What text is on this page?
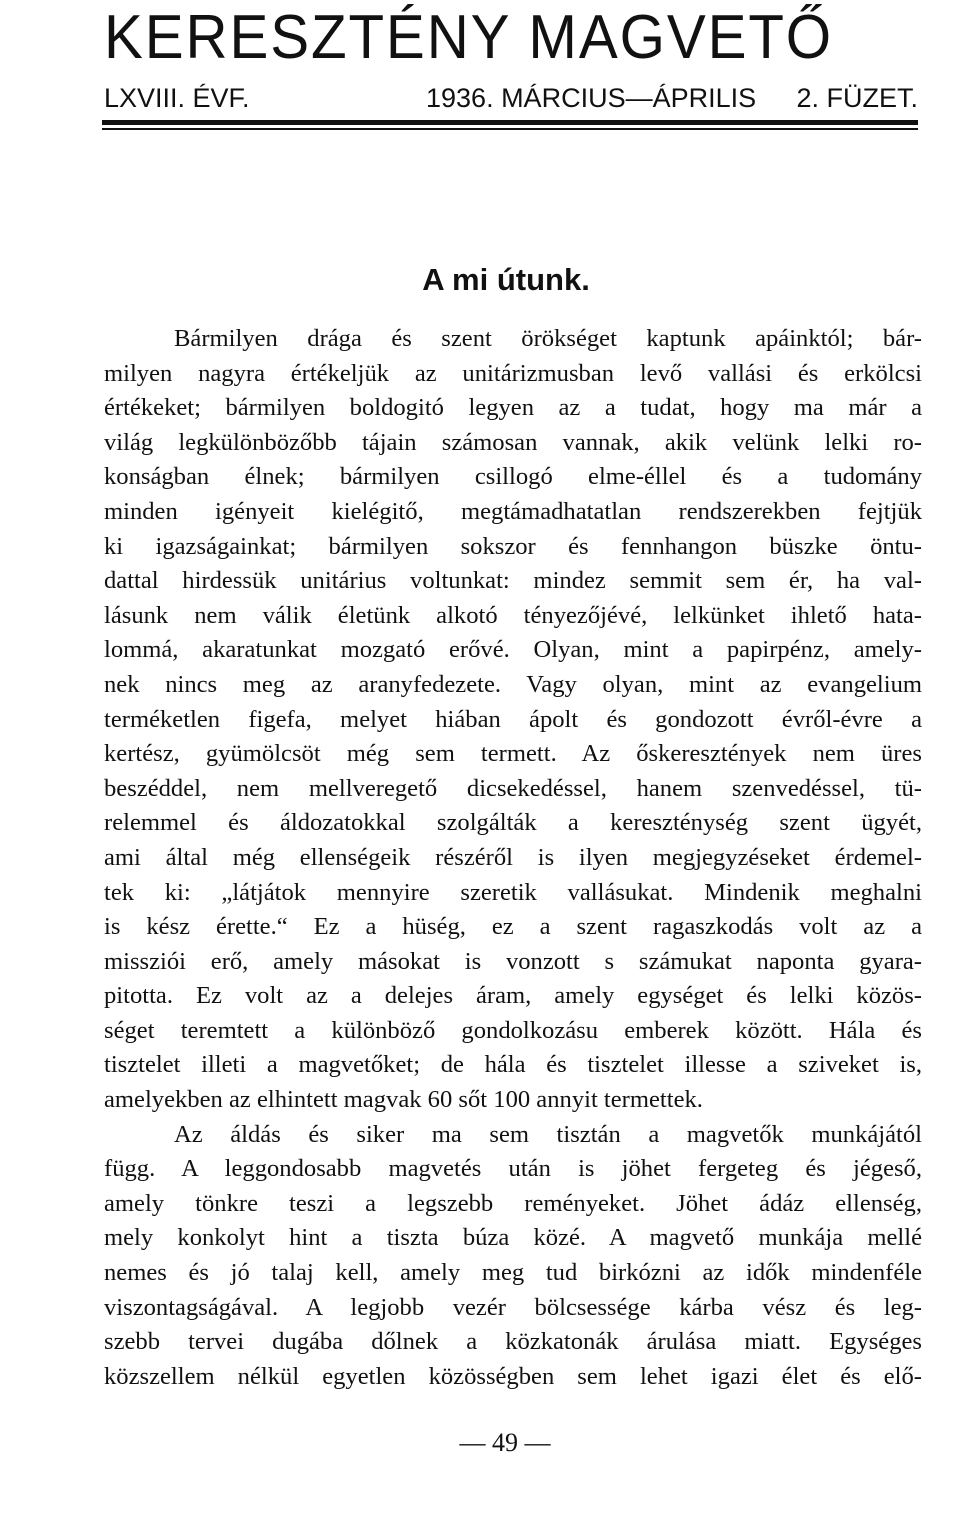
KERESZTÉNY MAGVETŐ
LXVIII. ÉVF.	1936. MÁRCIUS—ÁPRILIS 2. FÜZET.
A mi útunk.
Bármilyen drága és szent örökséget kaptunk apáinktól; bár-
milyen nagyra értékeljük az unitárizmusban levő vallási és erkölcsi
értékeket; bármilyen boldogitó legyen az a tudat, hogy ma már a
világ legkülönbözőbb tájain számosan vannak, akik velünk lelki ro-
konságban élnek; bármilyen csillogó elme-éllel és a tudomány
minden igényeit kielégitő, megtámadhatatlan rendszerekben fejtjük
ki igazságainkat; bármilyen sokszor és fennhangon büszke öntu-
dattal hirdessük unitárius voltunkat: mindez semmit sem ér, ha val-
lásunk nem válik életünk alkotó tényezőjévé, lelkünket ihlető hata-
lommá, akaratunkat mozgató erővé. Olyan, mint a papirpénz, amely-
nek nincs meg az aranyfedezete. Vagy olyan, mint az evangelium
terméketlen figefa, melyet hiában ápolt és gondozott évről-évre a
kertész, gyümölcsöt még sem termett. Az őskeresztények nem üres
beszéddel, nem mellveregető dicsekedéssel, hanem szenvedéssel, tü-
relemmel és áldozatokkal szolgálták a kereszténység szent ügyét,
ami által még ellenségeik részéről is ilyen megjegyzéseket érdemel-
tek ki: „látjátok mennyire szeretik vallásukat. Mindenik meghalni
is kész érette.“ Ez a hüség, ez a szent ragaszkodás volt az a
missziói erő, amely másokat is vonzott s számukat naponta gyara-
pitotta. Ez volt az a delejes áram, amely egységet és lelki közös-
séget teremtett a különböző gondolkozásu emberek között. Hála és
tisztelet illeti a magvetőket; de hála és tisztelet illesse a sziveket is,
amelyekben az elhintett magvak 60 sőt 100 annyit termettek.
Az áldás és siker ma sem tisztán a magvetők munkájától
függ. A leggondosabb magvetés után is jöhet fergeteg és jégeső,
amely tönkre teszi a legszebb reményeket. Jöhet ádáz ellenség,
mely konkolyt hint a tiszta búza közé. A magvető munkája mellé
nemes és jó talaj kell, amely meg tud birkózni az idők mindenféle
viszontagságával. A legjobb vezér bölcsessége kárba vész és leg-
szebb tervei dugába dőlnek a közkatonák árulása miatt. Egységes
közszellem nélkül egyetlen közösségben sem lehet igazi élet és elő-
— 49 —
